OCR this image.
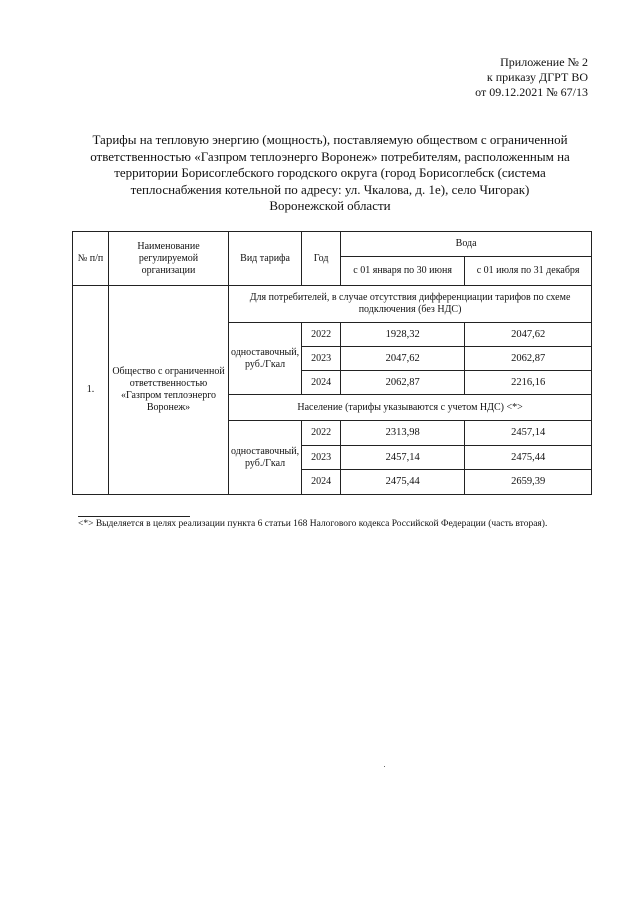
Приложение № 2
к приказу ДГРТ ВО
от 09.12.2021 № 67/13
Тарифы на тепловую энергию (мощность), поставляемую обществом с ограниченной
ответственностью «Газпром теплоэнерго Воронеж» потребителям, расположенным на
территории Борисоглебского городского округа (город Борисоглебск (система
теплоснабжения котельной по адресу: ул. Чкалова, д. 1е), село Чигорак)
Воронежской области
№ п/п	Наименование регулируемой организации	Вид тарифа	Год	Вода	
				с 01 января по 30 июня	с 01 июля по 31 декабря
1.	Общество с ограниченной ответственностью «Газпром теплоэнерго Воронеж»	Для потребителей, в случае отсутствия дифференциации тарифов по схеме подключения (без НДС)			
		одноставочный, руб./Гкал	2022	1928,32	2047,62
			2023	2047,62	2062,87
			2024	2062,87	2216,16
		Население (тарифы указываются с учетом НДС) <*>			
		одноставочный, руб./Гкал	2022	2313,98	2457,14
			2023	2457,14	2475,44
			2024	2475,44	2659,39
<*> Выделяется в целях реализации пункта 6 статьи 168 Налогового кодекса Российской Федерации (часть вторая).
